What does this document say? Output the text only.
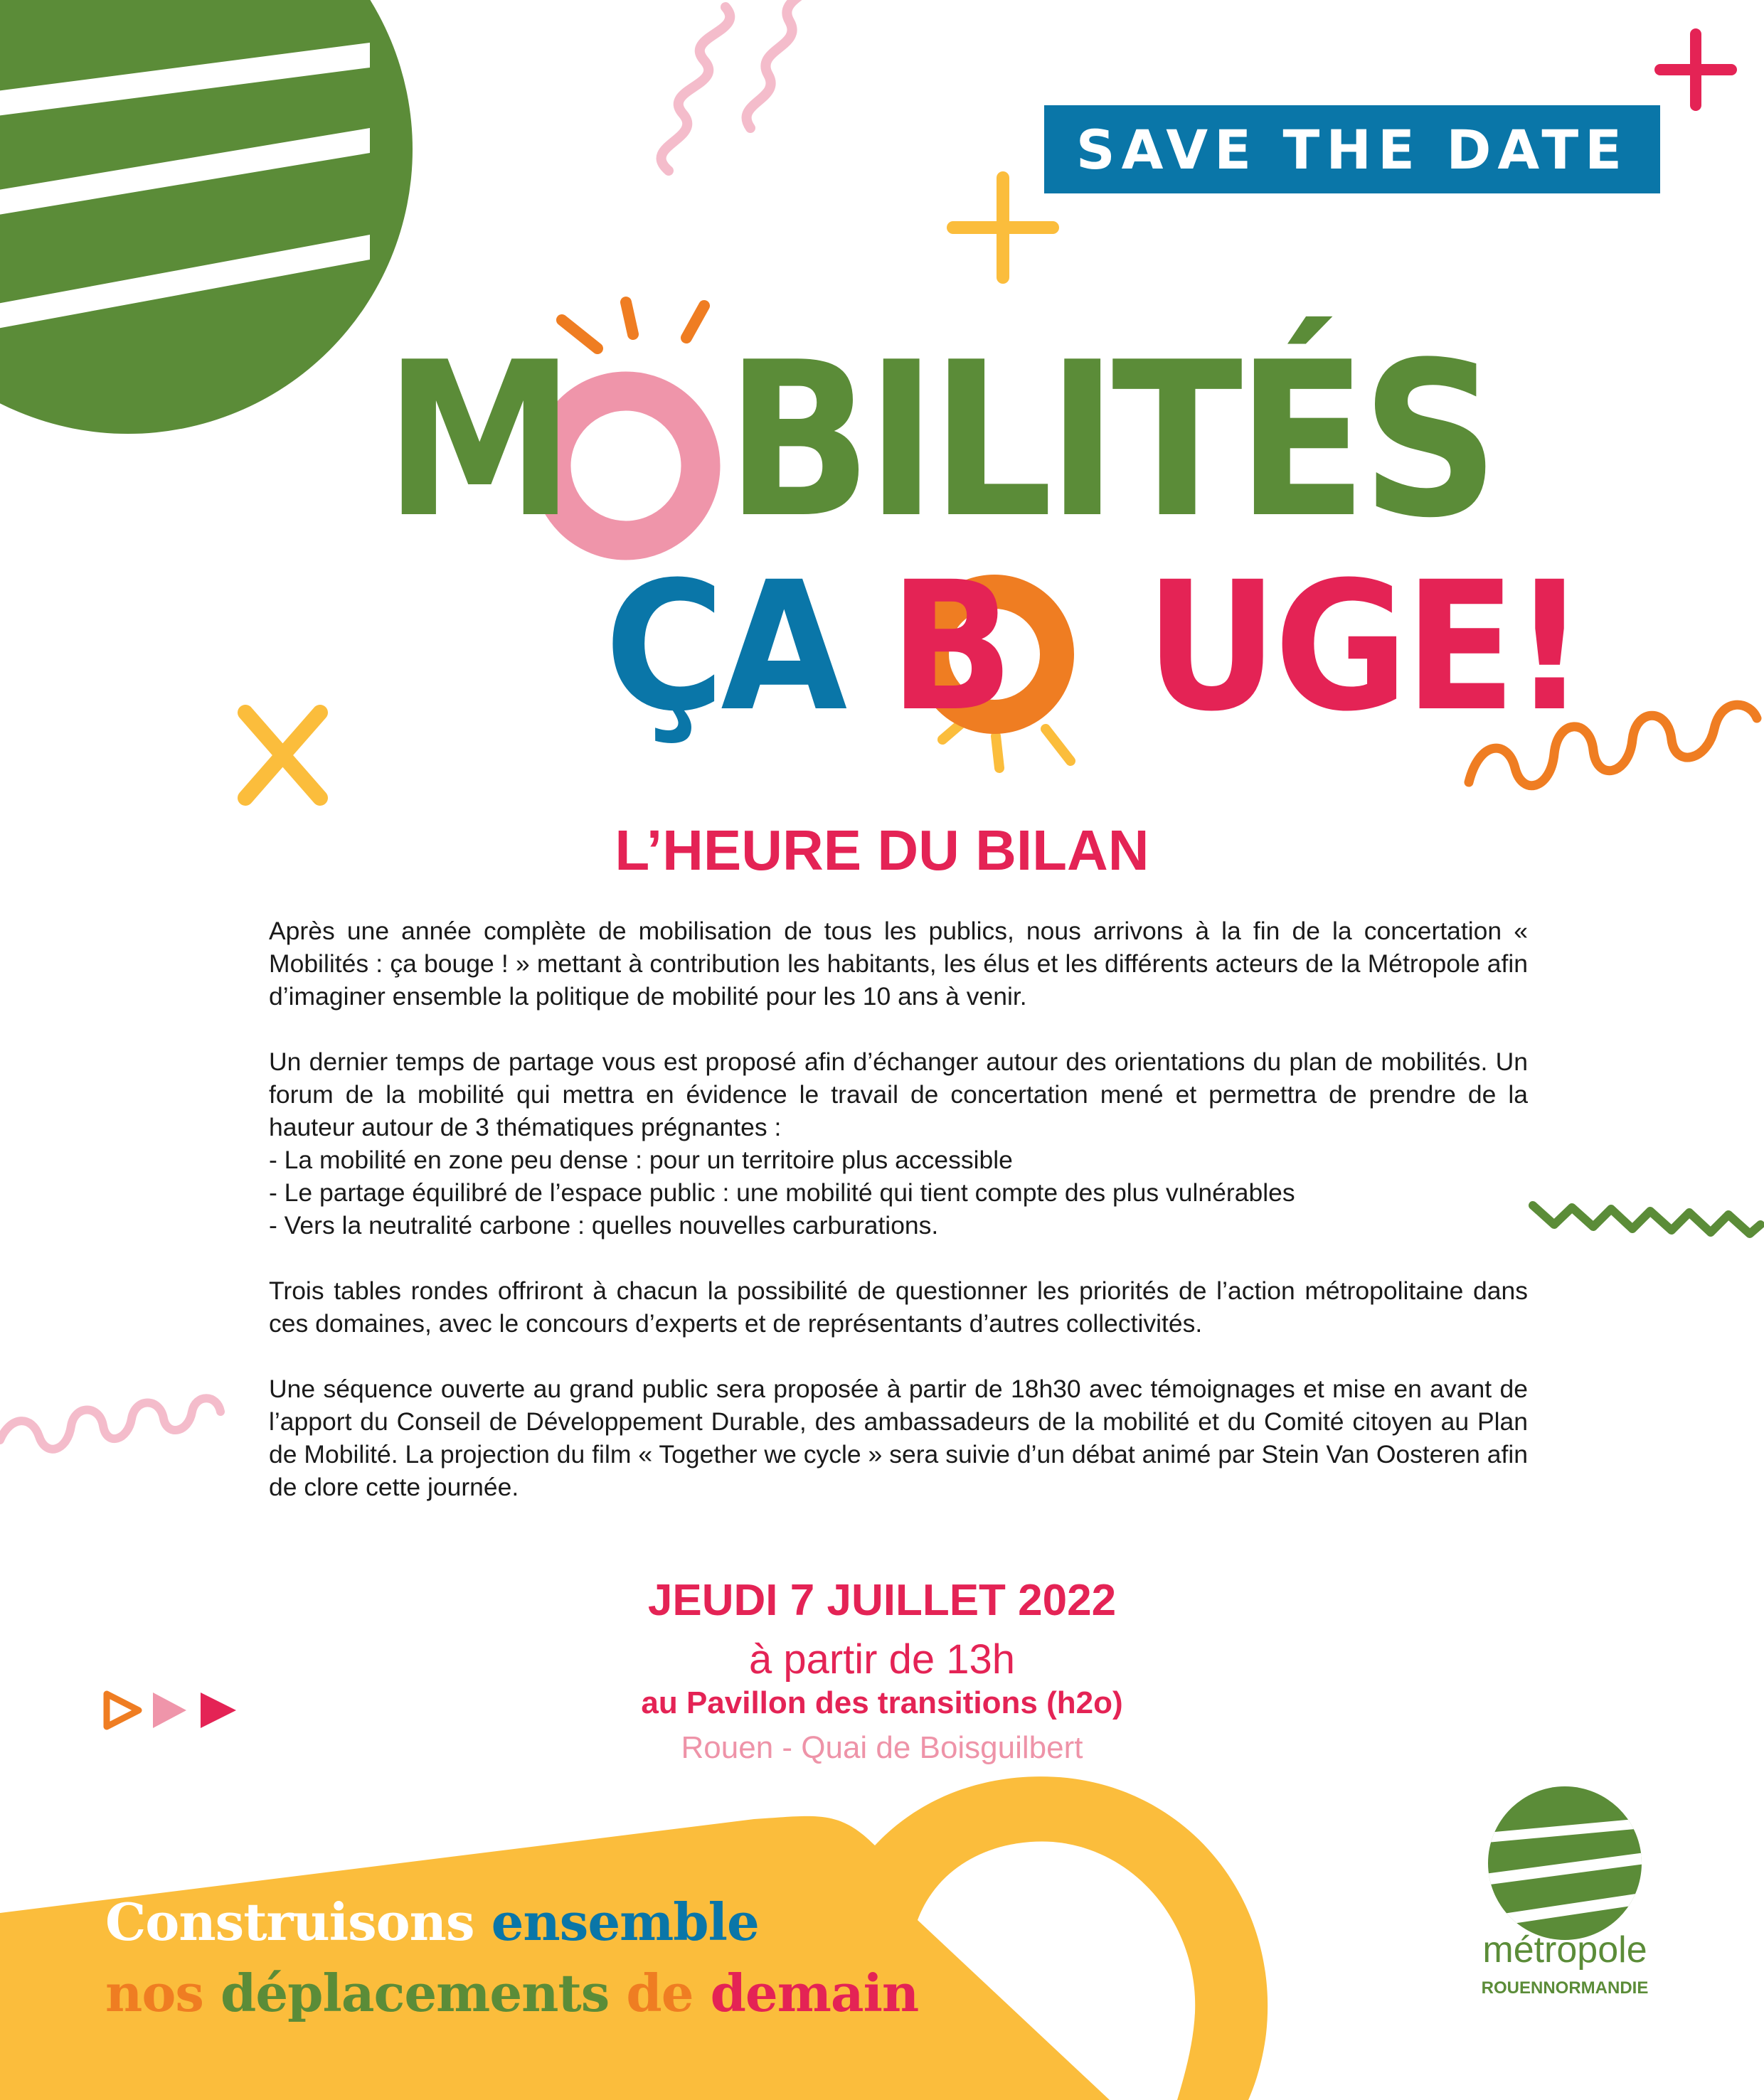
SAVE THE DATE
M BILITÉS
ÇA B UGE!
L’HEURE DU BILAN

Après une année complète de mobilisation de tous les publics, nous arrivons à la fin de la concertation « Mobilités : ça bouge ! » mettant à contribution les habitants, les élus et les différents acteurs de la Métropole afin d’imaginer ensemble la politique de mobilité pour les 10 ans à venir.

Un dernier temps de partage vous est proposé afin d’échanger autour des orientations du plan de mobilités. Un forum de la mobilité qui mettra en évidence le travail de concertation mené et permettra de prendre de la hauteur autour de 3 thématiques prégnantes :

- La mobilité en zone peu dense : pour un territoire plus accessible
- Le partage équilibré de l’espace public : une mobilité qui tient compte des plus vulnérables
- Vers la neutralité carbone : quelles nouvelles carburations.

Trois tables rondes offriront à chacun la possibilité de questionner les priorités de l’action métropolitaine dans ces domaines, avec le concours d’experts et de représentants d’autres collectivités.

Une séquence ouverte au grand public sera proposée à partir de 18h30 avec témoignages et mise en avant de l’apport du Conseil de Développement Durable, des ambassadeurs de la mobilité et du Comité citoyen au Plan de Mobilité. La projection du film « Together we cycle » sera suivie d’un débat animé par Stein Van Oosteren afin de clore cette journée.

JEUDI 7 JUILLET 2022
à partir de 13h
au Pavillon des transitions (h2o)
Rouen - Quai de Boisguilbert
Construisons ensemble
nos déplacements de demain
métropole
ROUENNORMANDIE
